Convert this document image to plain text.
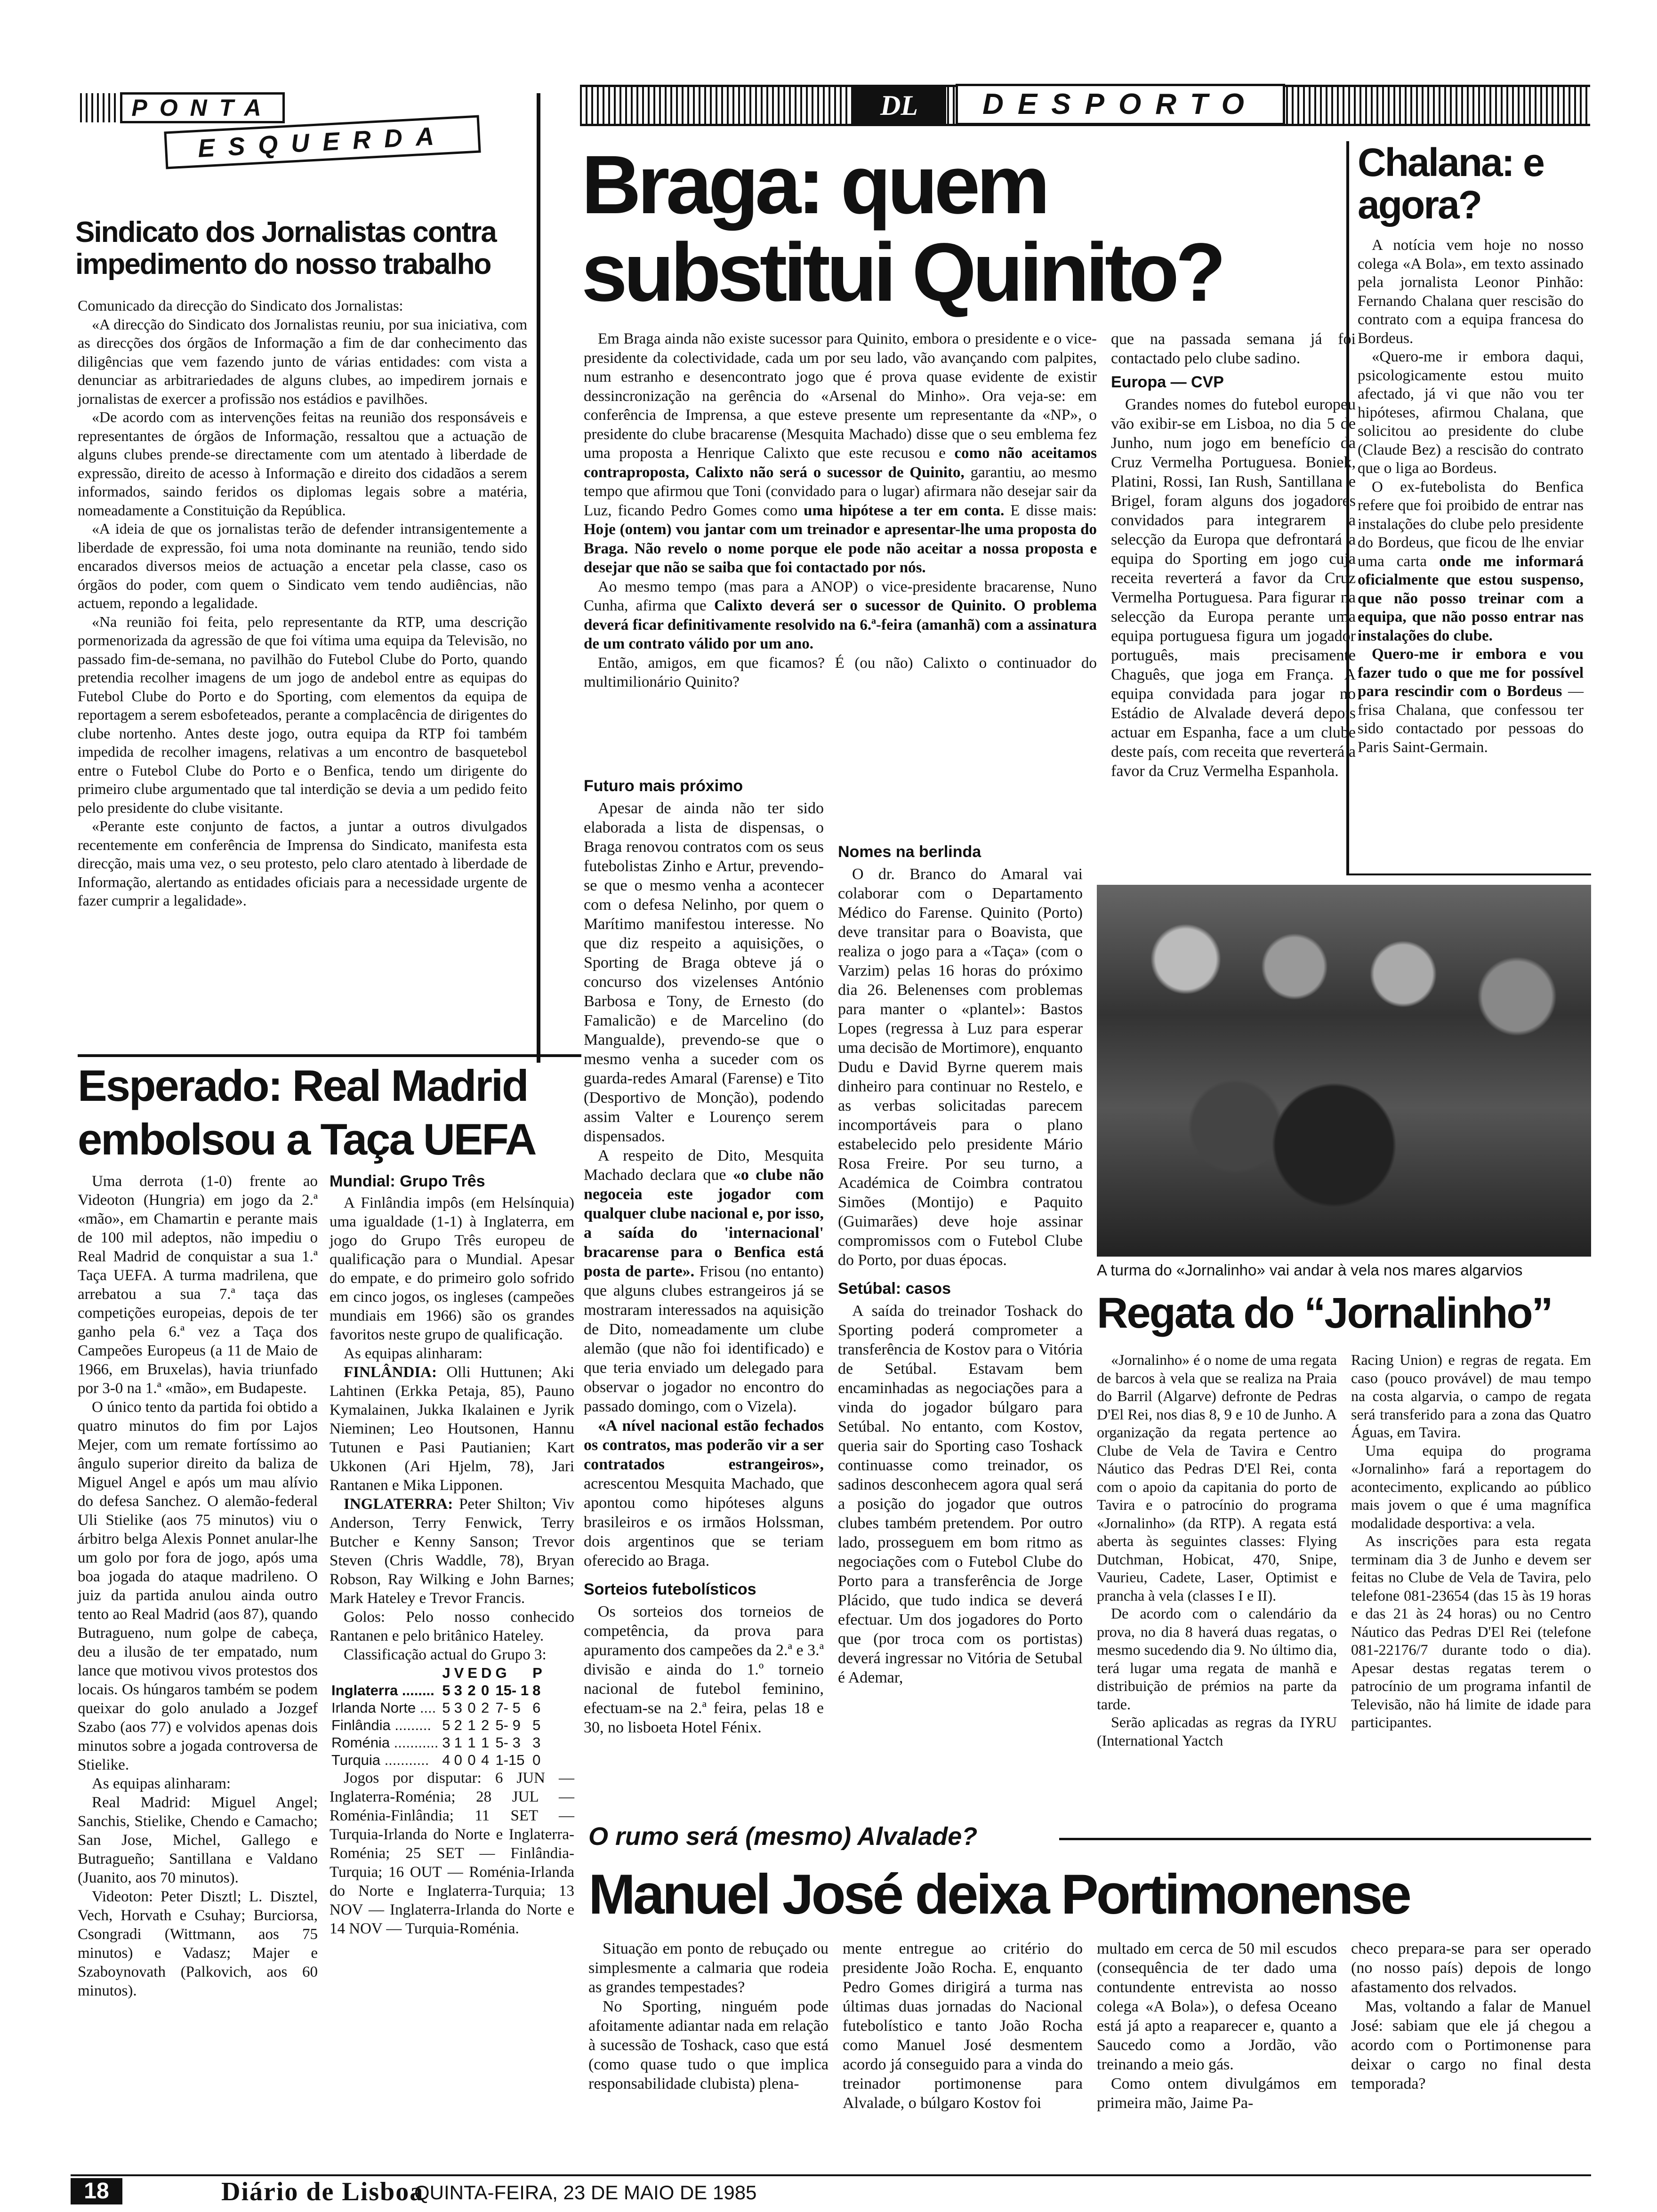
PONTA
ESQUERDA
DL	DESPORTO
Sindicato dos Jornalistas contra impedimento do nosso trabalho

Comunicado da direcção do Sindicato dos Jornalistas:

«A direcção do Sindicato dos Jornalistas reuniu, por sua iniciativa, com as direcções dos órgãos de Informação a fim de dar conhecimento das diligências que vem fazendo junto de várias entidades: com vista a denunciar as arbitrariedades de alguns clubes, ao impedirem jornais e jornalistas de exercer a profissão nos estádios e pavilhões.

«De acordo com as intervenções feitas na reunião dos responsáveis e representantes de órgãos de Informação, ressaltou que a actuação de alguns clubes prende-se directamente com um atentado à liberdade de expressão, direito de acesso à Informação e direito dos cidadãos a serem informados, saindo feridos os diplomas legais sobre a matéria, nomeadamente a Constituição da República.

«A ideia de que os jornalistas terão de defender intransigentemente a liberdade de expressão, foi uma nota dominante na reunião, tendo sido encarados diversos meios de actuação a encetar pela classe, caso os órgãos do poder, com quem o Sindicato vem tendo audiências, não actuem, repondo a legalidade.

«Na reunião foi feita, pelo representante da RTP, uma descrição pormenorizada da agressão de que foi vítima uma equipa da Televisão, no passado fim-de-semana, no pavilhão do Futebol Clube do Porto, quando pretendia recolher imagens de um jogo de andebol entre as equipas do Futebol Clube do Porto e do Sporting, com elementos da equipa de reportagem a serem esbofeteados, perante a complacência de dirigentes do clube nortenho. Antes deste jogo, outra equipa da RTP foi também impedida de recolher imagens, relativas a um encontro de basquetebol entre o Futebol Clube do Porto e o Benfica, tendo um dirigente do primeiro clube argumentado que tal interdição se devia a um pedido feito pelo presidente do clube visitante.

«Perante este conjunto de factos, a juntar a outros divulgados recentemente em conferência de Imprensa do Sindicato, manifesta esta direcção, mais uma vez, o seu protesto, pelo claro atentado à liberdade de Informação, alertando as entidades oficiais para a necessidade urgente de fazer cumprir a legalidade».

Braga: quem substitui Quinito?

Em Braga ainda não existe sucessor para Quinito, embora o presidente e o vice-presidente da colectividade, cada um por seu lado, vão avançando com palpites, num estranho e desencontrato jogo que é prova quase evidente de existir dessincronização na gerência do «Arsenal do Minho». Ora veja-se: em conferência de Imprensa, a que esteve presente um representante da «NP», o presidente do clube bracarense (Mesquita Machado) disse que o seu emblema fez uma proposta a Henrique Calixto que este recusou e como não aceitamos contraproposta, Calixto não será o sucessor de Quinito, garantiu, ao mesmo tempo que afirmou que Toni (convidado para o lugar) afirmara não desejar sair da Luz, ficando Pedro Gomes como uma hipótese a ter em conta. E disse mais: Hoje (ontem) vou jantar com um treinador e apresentar-lhe uma proposta do Braga. Não revelo o nome porque ele pode não aceitar a nossa proposta e desejar que não se saiba que foi contactado por nós.

Ao mesmo tempo (mas para a ANOP) o vice-presidente bracarense, Nuno Cunha, afirma que Calixto deverá ser o sucessor de Quinito. O problema deverá ficar definitivamente resolvido na 6.ª-feira (amanhã) com a assinatura de um contrato válido por um ano.

Então, amigos, em que ficamos? É (ou não) Calixto o continuador do multimilionário Quinito?

que na passada semana já foi contactado pelo clube sadino.

Europa — CVP

Grandes nomes do futebol europeu vão exibir-se em Lisboa, no dia 5 de Junho, num jogo em benefício da Cruz Vermelha Portuguesa. Boniek, Platini, Rossi, Ian Rush, Santillana e Brigel, foram alguns dos jogadores convidados para integrarem a selecção da Europa que defrontará a equipa do Sporting em jogo cuja receita reverterá a favor da Cruz Vermelha Portuguesa. Para figurar na selecção da Europa perante uma equipa portuguesa figura um jogador português, mais precisamente Chaguês, que joga em França. A equipa convidada para jogar no Estádio de Alvalade deverá depois actuar em Espanha, face a um clube deste país, com receita que reverterá a favor da Cruz Vermelha Espanhola.

Futuro mais próximo

Apesar de ainda não ter sido elaborada a lista de dispensas, o Braga renovou contratos com os seus futebolistas Zinho e Artur, prevendo-se que o mesmo venha a acontecer com o defesa Nelinho, por quem o Marítimo manifestou interesse. No que diz respeito a aquisições, o Sporting de Braga obteve já o concurso dos vizelenses António Barbosa e Tony, de Ernesto (do Famalicão) e de Marcelino (do Mangualde), prevendo-se que o mesmo venha a suceder com os guarda-redes Amaral (Farense) e Tito (Desportivo de Monção), podendo assim Valter e Lourenço serem dispensados.

A respeito de Dito, Mesquita Machado declara que «o clube não negoceia este jogador com qualquer clube nacional e, por isso, a saída do 'internacional' bracarense para o Benfica está posta de parte». Frisou (no entanto) que alguns clubes estrangeiros já se mostraram interessados na aquisição de Dito, nomeadamente um clube alemão (que não foi identificado) e que teria enviado um delegado para observar o jogador no encontro do passado domingo, com o Vizela).

«A nível nacional estão fechados os contratos, mas poderão vir a ser contratados estrangeiros», acrescentou Mesquita Machado, que apontou como hipóteses alguns brasileiros e os irmãos Holssman, dois argentinos que se teriam oferecido ao Braga.

Sorteios futebolísticos

Os sorteios dos torneios de competência, da prova para apuramento dos campeões da 2.ª e 3.ª divisão e ainda do 1.º torneio nacional de futebol feminino, efectuam-se na 2.ª feira, pelas 18 e 30, no lisboeta Hotel Fénix.

Nomes na berlinda

O dr. Branco do Amaral vai colaborar com o Departamento Médico do Farense. Quinito (Porto) deve transitar para o Boavista, que realiza o jogo para a «Taça» (com o Varzim) pelas 16 horas do próximo dia 26. Belenenses com problemas para manter o «plantel»: Bastos Lopes (regressa à Luz para esperar uma decisão de Mortimore), enquanto Dudu e David Byrne querem mais dinheiro para continuar no Restelo, e as verbas solicitadas parecem incomportáveis para o plano estabelecido pelo presidente Mário Rosa Freire. Por seu turno, a Académica de Coimbra contratou Simões (Montijo) e Paquito (Guimarães) deve hoje assinar compromissos com o Futebol Clube do Porto, por duas épocas.

Setúbal: casos

A saída do treinador Toshack do Sporting poderá comprometer a transferência de Kostov para o Vitória de Setúbal. Estavam bem encaminhadas as negociações para a vinda do jogador búlgaro para Setúbal. No entanto, com Kostov, queria sair do Sporting caso Toshack continuasse como treinador, os sadinos desconhecem agora qual será a posição do jogador que outros clubes também pretendem. Por outro lado, prosseguem em bom ritmo as negociações com o Futebol Clube do Porto para a transferência de Jorge Plácido, que tudo indica se deverá efectuar. Um dos jogadores do Porto que (por troca com os portistas) deverá ingressar no Vitória de Setubal é Ademar,

Chalana: e agora?

A notícia vem hoje no nosso colega «A Bola», em texto assinado pela jornalista Leonor Pinhão: Fernando Chalana quer rescisão do contrato com a equipa francesa do Bordeus.

«Quero-me ir embora daqui, psicologicamente estou muito afectado, já vi que não vou ter hipóteses, afirmou Chalana, que solicitou ao presidente do clube (Claude Bez) a rescisão do contrato que o liga ao Bordeus.

O ex-futebolista do Benfica refere que foi proibido de entrar nas instalações do clube pelo presidente do Bordeus, que ficou de lhe enviar uma carta onde me informará oficialmente que estou suspenso, que não posso treinar com a equipa, que não posso entrar nas instalações do clube.

Quero-me ir embora e vou fazer tudo o que me for possível para rescindir com o Bordeus — frisa Chalana, que confessou ter sido contactado por pessoas do Paris Saint-Germain.

A turma do «Jornalinho» vai andar à vela nos mares algarvios
Regata do “Jornalinho”

«Jornalinho» é o nome de uma regata de barcos à vela que se realiza na Praia do Barril (Algarve) defronte de Pedras D'El Rei, nos dias 8, 9 e 10 de Junho. A organização da regata pertence ao Clube de Vela de Tavira e Centro Náutico das Pedras D'El Rei, conta com o apoio da capitania do porto de Tavira e o patrocínio do programa «Jornalinho» (da RTP). A regata está aberta às seguintes classes: Flying Dutchman, Hobicat, 470, Snipe, Vaurieu, Cadete, Laser, Optimist e prancha à vela (classes I e II).

De acordo com o calendário da prova, no dia 8 haverá duas regatas, o mesmo sucedendo dia 9. No último dia, terá lugar uma regata de manhã e distribuição de prémios na parte da tarde.

Serão aplicadas as regras da IYRU (International Yactch

Racing Union) e regras de regata. Em caso (pouco provável) de mau tempo na costa algarvia, o campo de regata será transferido para a zona das Quatro Águas, em Tavira.

Uma equipa do programa «Jornalinho» fará a reportagem do acontecimento, explicando ao público mais jovem o que é uma magnífica modalidade desportiva: a vela.

As inscrições para esta regata terminam dia 3 de Junho e devem ser feitas no Clube de Vela de Tavira, pelo telefone 081-23654 (das 15 às 19 horas e das 21 às 24 horas) ou no Centro Náutico das Pedras D'El Rei (telefone 081-22176/7 durante todo o dia). Apesar destas regatas terem o patrocínio de um programa infantil de Televisão, não há limite de idade para participantes.

Esperado: Real Madrid embolsou a Taça UEFA

Uma derrota (1-0) frente ao Videoton (Hungria) em jogo da 2.ª «mão», em Chamartin e perante mais de 100 mil adeptos, não impediu o Real Madrid de conquistar a sua 1.ª Taça UEFA. A turma madrilena, que arrebatou a sua 7.ª taça das competições europeias, depois de ter ganho pela 6.ª vez a Taça dos Campeões Europeus (a 11 de Maio de 1966, em Bruxelas), havia triunfado por 3-0 na 1.ª «mão», em Budapeste.

O único tento da partida foi obtido a quatro minutos do fim por Lajos Mejer, com um remate fortíssimo ao ângulo superior direito da baliza de Miguel Angel e após um mau alívio do defesa Sanchez. O alemão-federal Uli Stielike (aos 75 minutos) viu o árbitro belga Alexis Ponnet anular-lhe um golo por fora de jogo, após uma boa jogada do ataque madrileno. O juiz da partida anulou ainda outro tento ao Real Madrid (aos 87), quando Butragueno, num golpe de cabeça, deu a ilusão de ter empatado, num lance que motivou vivos protestos dos locais. Os húngaros também se podem queixar do golo anulado a Jozgef Szabo (aos 77) e volvidos apenas dois minutos sobre a jogada controversa de Stielike.

As equipas alinharam:

Real Madrid: Miguel Angel; Sanchis, Stielike, Chendo e Camacho; San Jose, Michel, Gallego e Butragueño; Santillana e Valdano (Juanito, aos 70 minutos).

Videoton: Peter Disztl; L. Disztel, Vech, Horvath e Csuhay; Burciorsa, Csongradi (Wittmann, aos 75 minutos) e Vadasz; Majer e Szaboynovath (Palkovich, aos 60 minutos).

Mundial: Grupo Três

A Finlândia impôs (em Helsínquia) uma igualdade (1-1) à Inglaterra, em jogo do Grupo Três europeu de qualificação para o Mundial. Apesar do empate, e do primeiro golo sofrido em cinco jogos, os ingleses (campeões mundiais em 1966) são os grandes favoritos neste grupo de qualificação.

As equipas alinharam:

FINLÂNDIA: Olli Huttunen; Aki Lahtinen (Erkka Petaja, 85), Pauno Kymalainen, Jukka Ikalainen e Jyrik Nieminen; Leo Houtsonen, Hannu Tutunen e Pasi Pautianien; Kart Ukkonen (Ari Hjelm, 78), Jari Rantanen e Mika Lipponen.

INGLATERRA: Peter Shilton; Viv Anderson, Terry Fenwick, Terry Butcher e Kenny Sanson; Trevor Steven (Chris Waddle, 78), Bryan Robson, Ray Wilking e John Barnes; Mark Hateley e Trevor Francis.

Golos: Pelo nosso conhecido Rantanen e pelo britânico Hateley.

Classificação actual do Grupo 3:

	J	V	E	D	G	P
Inglaterra ........	5	3	2	0	15- 1	8
Irlanda Norte ....	5	3	0	2	7- 5	6
Finlândia .........	5	2	1	2	5- 9	5
Roménia ...........	3	1	1	1	5- 3	3
Turquia ...........	4	0	0	4	1-15	0

Jogos por disputar: 6 JUN — Inglaterra-Roménia; 28 JUL — Roménia-Finlândia; 11 SET — Turquia-Irlanda do Norte e Inglaterra-Roménia; 25 SET — Finlândia-Turquia; 16 OUT — Roménia-Irlanda do Norte e Inglaterra-Turquia; 13 NOV — Inglaterra-Irlanda do Norte e 14 NOV — Turquia-Roménia.

O rumo será (mesmo) Alvalade?
Manuel José deixa Portimonense

Situação em ponto de rebuçado ou simplesmente a calmaria que rodeia as grandes tempestades?

No Sporting, ninguém pode afoitamente adiantar nada em relação à sucessão de Toshack, caso que está (como quase tudo o que implica responsabilidade clubista) plena-

mente entregue ao critério do presidente João Rocha. E, enquanto Pedro Gomes dirigirá a turma nas últimas duas jornadas do Nacional futebolístico e tanto João Rocha como Manuel José desmentem acordo já conseguido para a vinda do treinador portimonense para Alvalade, o búlgaro Kostov foi

multado em cerca de 50 mil escudos (consequência de ter dado uma contundente entrevista ao nosso colega «A Bola»), o defesa Oceano está já apto a reaparecer e, quanto a Saucedo como a Jordão, vão treinando a meio gás.

Como ontem divulgámos em primeira mão, Jaime Pa-

checo prepara-se para ser operado (no nosso país) depois de longo afastamento dos relvados.

Mas, voltando a falar de Manuel José: sabiam que ele já chegou a acordo com o Portimonense para deixar o cargo no final desta temporada?

18	Diário de Lisboa
QUINTA-FEIRA, 23 DE MAIO DE 1985
